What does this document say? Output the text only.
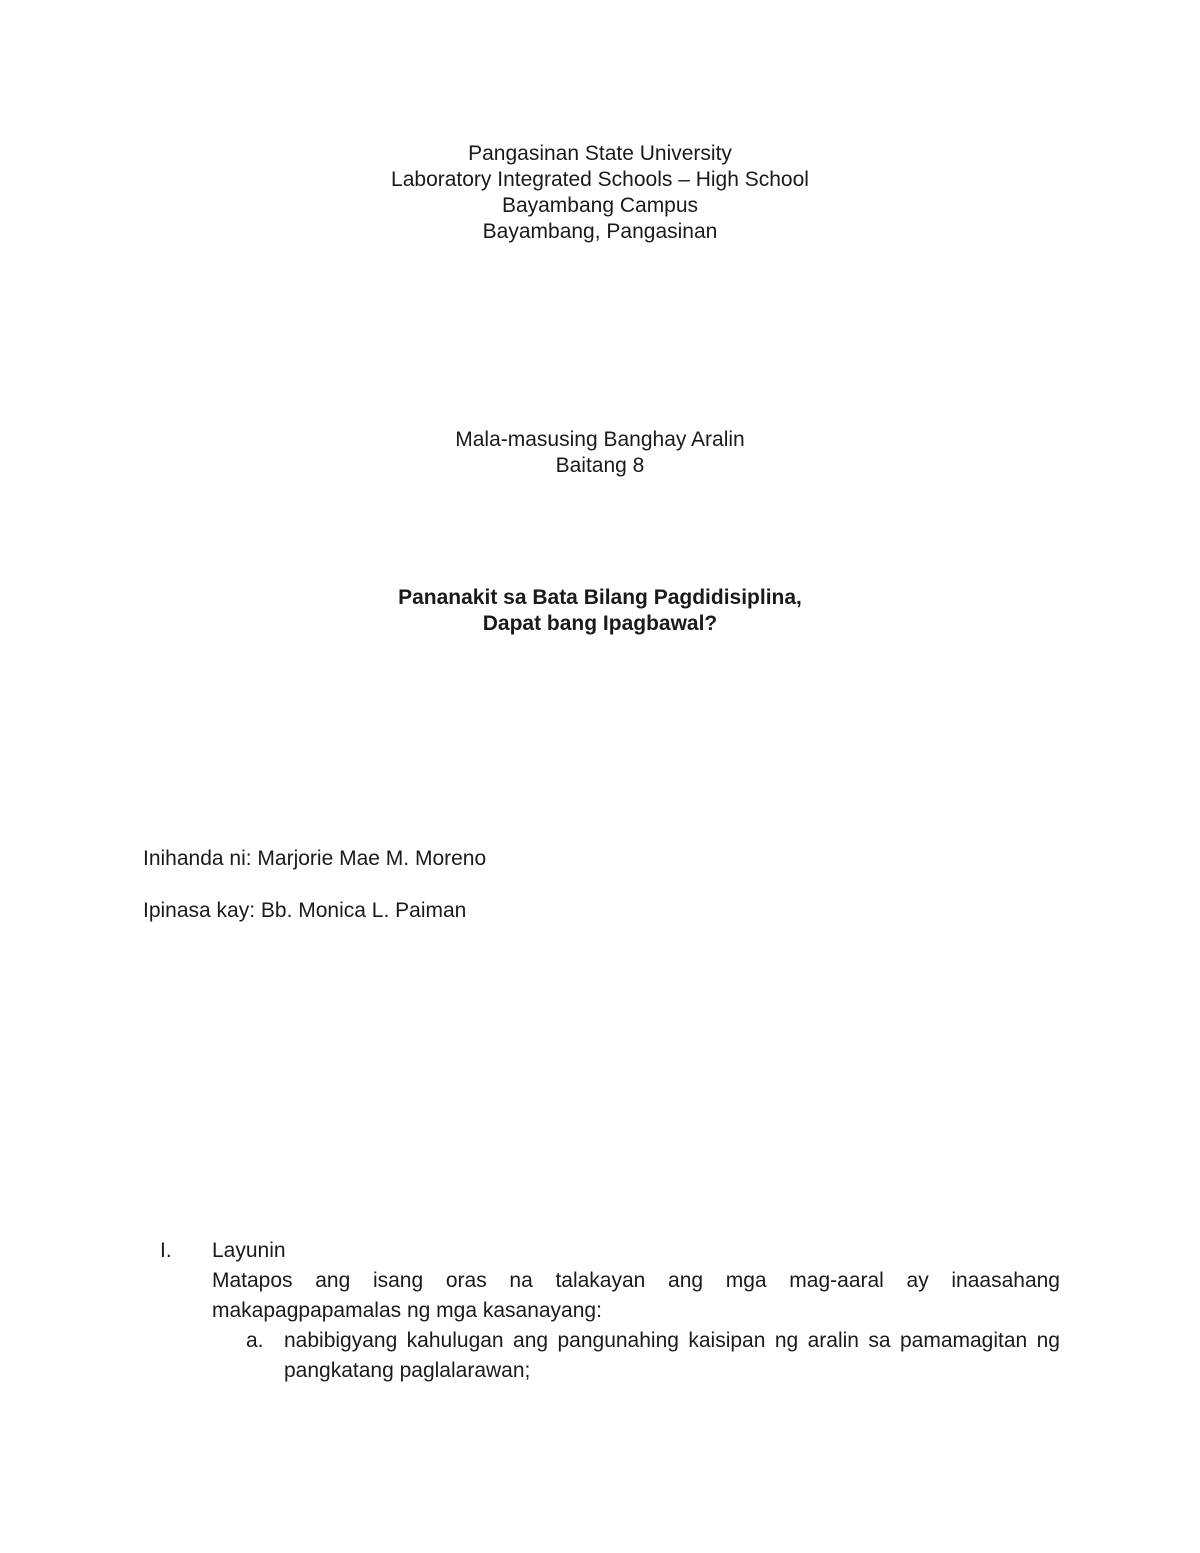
Pangasinan State University
Laboratory Integrated Schools – High School
Bayambang Campus
Bayambang, Pangasinan
Mala-masusing Banghay Aralin
Baitang 8
Pananakit sa Bata Bilang Pagdidisiplina,
Dapat bang Ipagbawal?
Inihanda ni: Marjorie Mae M. Moreno
Ipinasa kay: Bb. Monica L. Paiman
I.	Layunin
Matapos ang isang oras na talakayan ang mga mag-aaral ay inaasahang makapagpapamalas ng mga kasanayang:
a. nabibigyang kahulugan ang pangunahing kaisipan ng aralin sa pamamagitan ng pangkatang paglalarawan;
